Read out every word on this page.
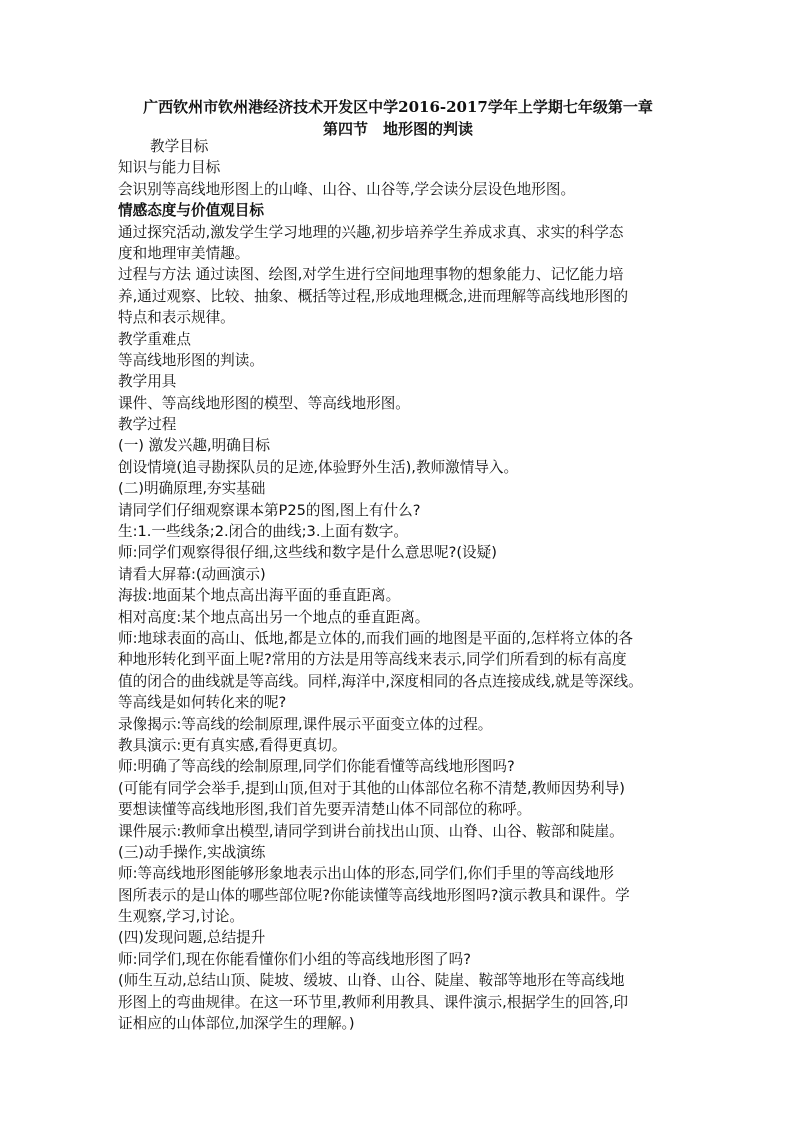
广西钦州市钦州港经济技术开发区中学2016-2017学年上学期七年级第一章
第四节　地形图的判读
教学目标
知识与能力目标
会识别等高线地形图上的山峰、山谷、山谷等,学会读分层设色地形图。
情感态度与价值观目标
通过探究活动,激发学生学习地理的兴趣,初步培养学生养成求真、求实的科学态
度和地理审美情趣。
过程与方法 通过读图、绘图,对学生进行空间地理事物的想象能力、记忆能力培
养,通过观察、比较、抽象、概括等过程,形成地理概念,进而理解等高线地形图的
特点和表示规律。
教学重难点
等高线地形图的判读。
教学用具
课件、等高线地形图的模型、等高线地形图。
教学过程
(一) 激发兴趣,明确目标
创设情境(追寻勘探队员的足迹,体验野外生活),教师激情导入。
(二)明确原理,夯实基础
请同学们仔细观察课本第P25的图,图上有什么?
生:1.一些线条;2.闭合的曲线;3.上面有数字。
师:同学们观察得很仔细,这些线和数字是什么意思呢?(设疑)
请看大屏幕:(动画演示)
海拔:地面某个地点高出海平面的垂直距离。
相对高度:某个地点高出另一个地点的垂直距离。
师:地球表面的高山、低地,都是立体的,而我们画的地图是平面的,怎样将立体的各
种地形转化到平面上呢?常用的方法是用等高线来表示,同学们所看到的标有高度
值的闭合的曲线就是等高线。同样,海洋中,深度相同的各点连接成线,就是等深线。
等高线是如何转化来的呢?
录像揭示:等高线的绘制原理,课件展示平面变立体的过程。
教具演示:更有真实感,看得更真切。
师:明确了等高线的绘制原理,同学们你能看懂等高线地形图吗?
(可能有同学会举手,提到山顶,但对于其他的山体部位名称不清楚,教师因势利导)
要想读懂等高线地形图,我们首先要弄清楚山体不同部位的称呼。
课件展示:教师拿出模型,请同学到讲台前找出山顶、山脊、山谷、鞍部和陡崖。
(三)动手操作,实战演练
师:等高线地形图能够形象地表示出山体的形态,同学们,你们手里的等高线地形
图所表示的是山体的哪些部位呢?你能读懂等高线地形图吗?演示教具和课件。学
生观察,学习,讨论。
(四)发现问题,总结提升
师:同学们,现在你能看懂你们小组的等高线地形图了吗?
(师生互动,总结山顶、陡坡、缓坡、山脊、山谷、陡崖、鞍部等地形在等高线地
形图上的弯曲规律。在这一环节里,教师利用教具、课件演示,根据学生的回答,印
证相应的山体部位,加深学生的理解。)
